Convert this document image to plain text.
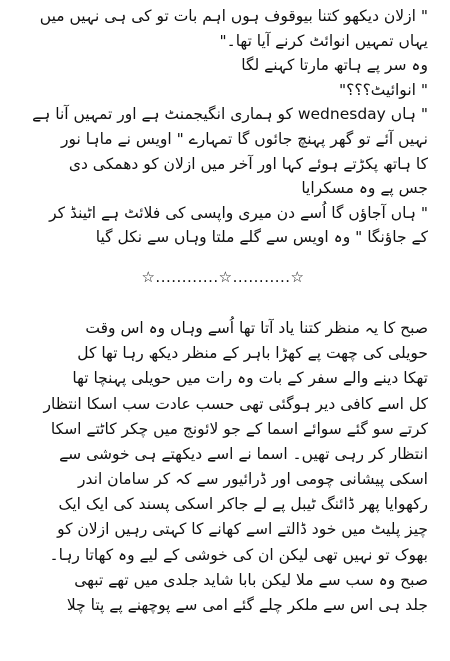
" ازلان دیکھو کتنا بیوقوف ہوں اہم بات تو کی ہی نہیں میں
یہاں تمہیں انوائٹ کرنے آیا تھا۔"
وہ سر پے ہاتھ مارتا کہنے لگا
" انوائیٹ؟؟؟"
" ہاں wednesday کو ہماری انگیجمنٹ ہے اور تمہیں آنا ہے
نہیں آئے تو گھر پہنچ جائوں گا تمہارے " اویس نے ماہا نور
کا ہاتھ پکڑتے ہوئے کہا اور آخر میں ازلان کو دھمکی دی
جس پے وہ مسکرایا
" ہاں آجاؤں گا اُسے دن میری واپسی کی فلائٹ ہے اٹینڈ کر
کے جاؤنگا " وہ اویس سے گلے ملتا وہاں سے نکل گیا
☆............☆...........☆
صبح کا یہ منظر کتنا یاد آتا تھا اُسے وہاں وہ اس وقت
حویلی کی چھت پے کھڑا باہر کے منظر دیکھ رہا تھا کل
تھکا دینے والے سفر کے بات وہ رات میں حویلی پہنچا تھا
کل اسے کافی دیر ہوگئی تھی حسب عادت سب اسکا انتظار
کرتے سو گئے سوائے اسما کے جو لائونج میں چکر کاٹتے اسکا
انتظار کر رہی تھیں۔ اسما نے اسے دیکھتے ہی خوشی سے
اسکی پیشانی چومی اور ڈرائیور سے کہ کر سامان اندر
رکھوایا پھر ڈائنگ ٹیبل پے لے جاکر اسکی پسند کی ایک ایک
چیز پلیٹ میں خود ڈالتے اسے کھانے کا کہتی رہیں ازلان کو
بھوک تو نہیں تھی لیکن ان کی خوشی کے لیے وہ کھاتا رہا۔
صبح وہ سب سے ملا لیکن بابا شاید جلدی میں تھے تبھی
جلد ہی اس سے ملکر چلے گئے امی سے پوچھنے پے پتا چلا
